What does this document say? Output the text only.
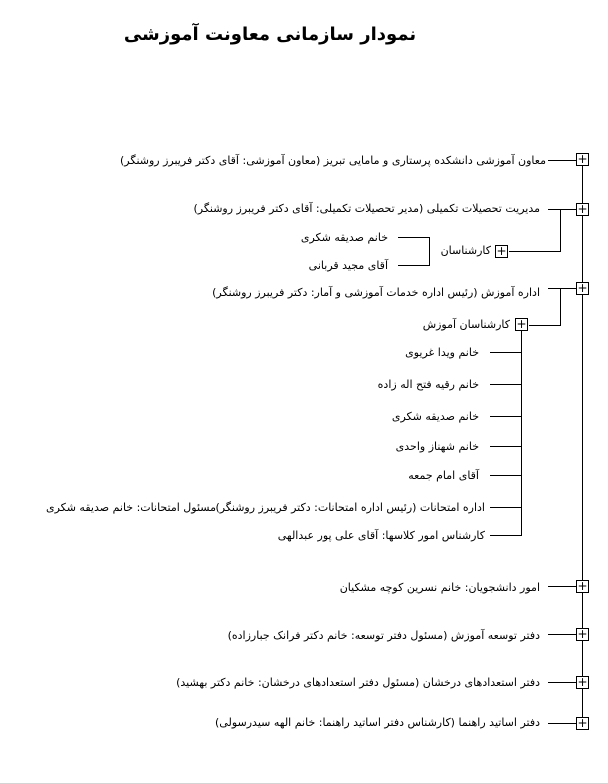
نمودار سازمانی معاونت آموزشی
+
معاون آموزشی دانشکده پرستاری و مامایی تبریز (معاون آموزشی: آقای دکتر فریبرز روشنگر)
+
مدیریت تحصیلات تکمیلی (مدیر تحصیلات تکمیلی: آقای دکتر فریبرز روشنگر)
+
کارشناسان
خانم صدیقه شکری
آقای مجید قربانی
+
اداره آموزش (رئیس اداره خدمات آموزشی و آمار: دکتر فریبرز روشنگر)
+
کارشناسان آموزش
خانم ویدا غریوی
خانم رقیه فتح اله زاده
خانم صدیقه شکری
خانم شهناز واحدی
آقای امام جمعه
اداره امتحانات (رئیس اداره امتحانات: دکتر فریبرز روشنگر)
مسئول امتحانات: خانم صدیقه شکری
کارشناس امور کلاسها: آقای علی پور عبدالهی
+
امور دانشجویان: خانم نسرین کوچه مشکیان
+
دفتر توسعه آموزش (مسئول دفتر توسعه: خانم دکتر فرانک جبارزاده)
+
دفتر استعدادهای درخشان (مسئول دفتر استعدادهای درخشان: خانم دکتر بهشید)
+
دفتر اساتید راهنما (کارشناس دفتر اساتید راهنما: خانم الهه سیدرسولی)
